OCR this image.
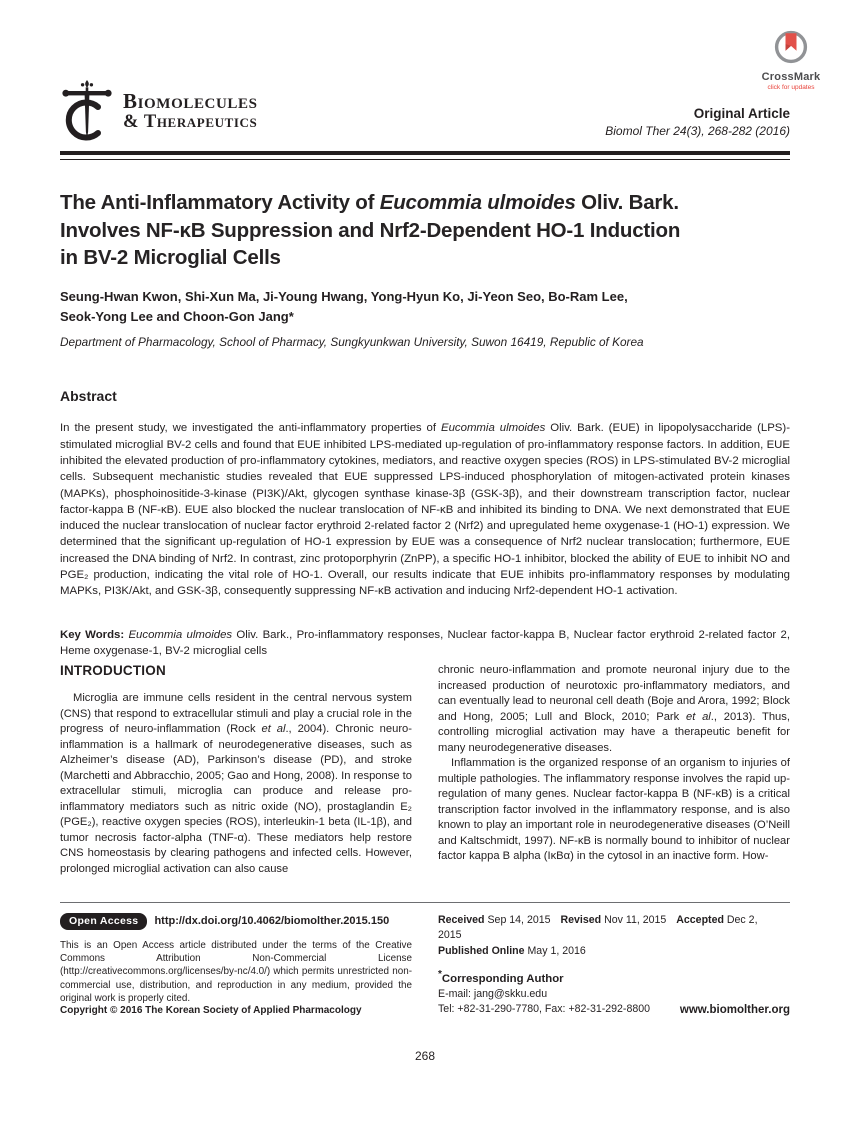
CrossMark
click for updates
Biomolecules
& Therapeutics	Original Article
Biomol Ther 24(3), 268-282 (2016)
The Anti-Inflammatory Activity of Eucommia ulmoides Oliv. Bark.
Involves NF-κB Suppression and Nrf2-Dependent HO-1 Induction
in BV-2 Microglial Cells
Seung-Hwan Kwon, Shi-Xun Ma, Ji-Young Hwang, Yong-Hyun Ko, Ji-Yeon Seo, Bo-Ram Lee,
Seok-Yong Lee and Choon-Gon Jang*
Department of Pharmacology, School of Pharmacy, Sungkyunkwan University, Suwon 16419, Republic of Korea
Abstract

In the present study, we investigated the anti-inflammatory properties of Eucommia ulmoides Oliv. Bark. (EUE) in lipopolysaccharide (LPS)-stimulated microglial BV-2 cells and found that EUE inhibited LPS-mediated up-regulation of pro-inflammatory response factors. In addition, EUE inhibited the elevated production of pro-inflammatory cytokines, mediators, and reactive oxygen species (ROS) in LPS-stimulated BV-2 microglial cells. Subsequent mechanistic studies revealed that EUE suppressed LPS-induced phosphorylation of mitogen-activated protein kinases (MAPKs), phosphoinositide-3-kinase (PI3K)/Akt, glycogen synthase kinase-3β (GSK-3β), and their downstream transcription factor, nuclear factor-kappa B (NF-κB). EUE also blocked the nuclear translocation of NF-κB and inhibited its binding to DNA. We next demonstrated that EUE induced the nuclear translocation of nuclear factor erythroid 2-related factor 2 (Nrf2) and upregulated heme oxygenase-1 (HO-1) expression. We determined that the significant up-regulation of HO-1 expression by EUE was a consequence of Nrf2 nuclear translocation; furthermore, EUE increased the DNA binding of Nrf2. In contrast, zinc protoporphyrin (ZnPP), a specific HO-1 inhibitor, blocked the ability of EUE to inhibit NO and PGE₂ production, indicating the vital role of HO-1. Overall, our results indicate that EUE inhibits pro-inflammatory responses by modulating MAPKs, PI3K/Akt, and GSK-3β, consequently suppressing NF-κB activation and inducing Nrf2-dependent HO-1 activation.

Key Words: Eucommia ulmoides Oliv. Bark., Pro-inflammatory responses, Nuclear factor-kappa B, Nuclear factor erythroid 2-related factor 2, Heme oxygenase-1, BV-2 microglial cells

INTRODUCTION

Microglia are immune cells resident in the central nervous system (CNS) that respond to extracellular stimuli and play a crucial role in the progress of neuro-inflammation (Rock et al., 2004). Chronic neuro-inflammation is a hallmark of neurodegenerative diseases, such as Alzheimer’s disease (AD), Parkinson’s disease (PD), and stroke (Marchetti and Abbracchio, 2005; Gao and Hong, 2008). In response to extracellular stimuli, microglia can produce and release pro-inflammatory mediators such as nitric oxide (NO), prostaglandin E₂ (PGE₂), reactive oxygen species (ROS), interleukin-1 beta (IL-1β), and tumor necrosis factor-alpha (TNF-α). These mediators help restore CNS homeostasis by clearing pathogens and infected cells. However, prolonged microglial activation can also cause

chronic neuro-inflammation and promote neuronal injury due to the increased production of neurotoxic pro-inflammatory mediators, and can eventually lead to neuronal cell death (Boje and Arora, 1992; Block and Hong, 2005; Lull and Block, 2010; Park et al., 2013). Thus, controlling microglial activation may have a therapeutic benefit for many neurodegenerative diseases.

Inflammation is the organized response of an organism to injuries of multiple pathologies. The inflammatory response involves the rapid up-regulation of many genes. Nuclear factor-kappa B (NF-κB) is a critical transcription factor involved in the inflammatory response, and is also known to play an important role in neurodegenerative diseases (O’Neill and Kaltschmidt, 1997). NF-κB is normally bound to inhibitor of nuclear factor kappa B alpha (IκBα) in the cytosol in an inactive form. How-

Open Access	http://dx.doi.org/10.4062/biomolther.2015.150

This is an Open Access article distributed under the terms of the Creative Commons Attribution Non-Commercial License (http://creativecommons.org/licenses/by-nc/4.0/) which permits unrestricted non-commercial use, distribution, and reproduction in any medium, provided the original work is properly cited.

Received Sep 14, 2015 Revised Nov 11, 2015 Accepted Dec 2, 2015
Published Online May 1, 2016
*Corresponding Author
E-mail: jang@skku.edu
Tel: +82-31-290-7780, Fax: +82-31-292-8800
Copyright © 2016 The Korean Society of Applied Pharmacology	www.biomolther.org
268
